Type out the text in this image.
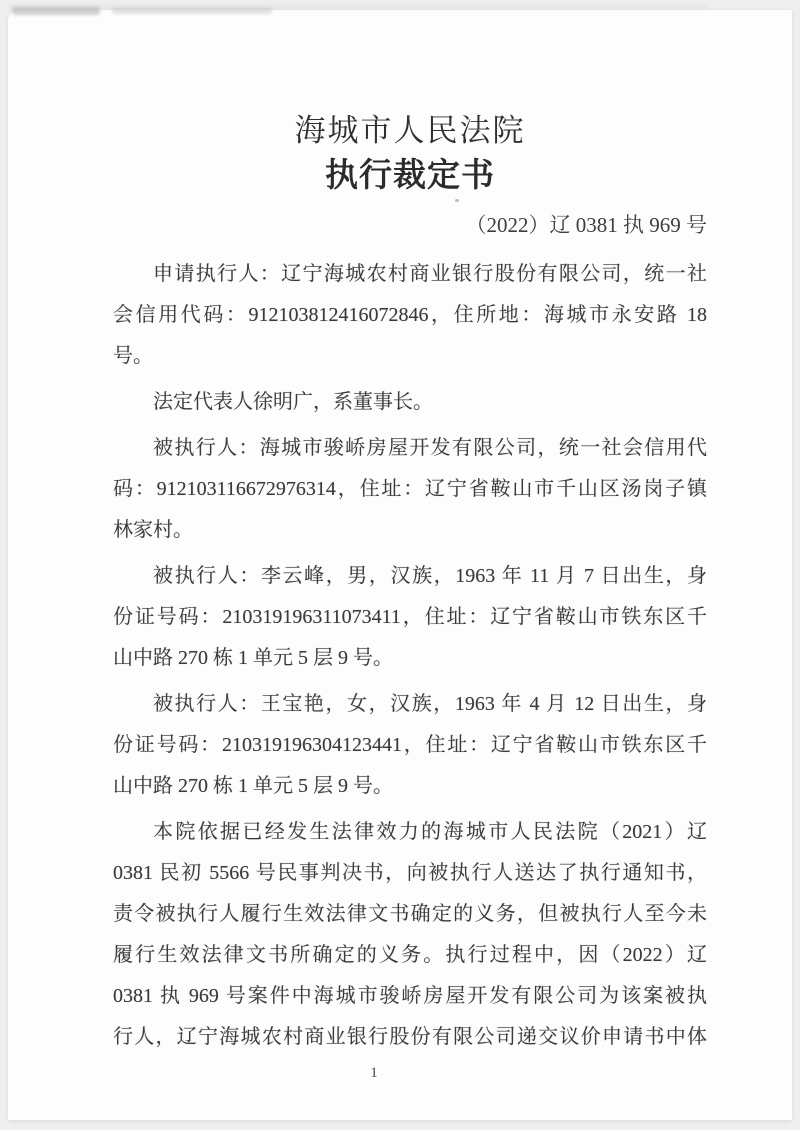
海城市人民法院
执行裁定书
（2022）辽 0381 执 969 号
申请执行人：辽宁海城农村商业银行股份有限公司，统一社
会信用代码：912103812416072846，住所地：海城市永安路 18
号。
法定代表人徐明广，系董事长。
被执行人：海城市骏峤房屋开发有限公司，统一社会信用代
码：912103116672976314，住址：辽宁省鞍山市千山区汤岗子镇
林家村。
被执行人：李云峰，男，汉族，1963 年 11 月 7 日出生，身
份证号码：210319196311073411，住址：辽宁省鞍山市铁东区千
山中路 270 栋 1 单元 5 层 9 号。
被执行人：王宝艳，女，汉族，1963 年 4 月 12 日出生，身
份证号码：210319196304123441，住址：辽宁省鞍山市铁东区千
山中路 270 栋 1 单元 5 层 9 号。
本院依据已经发生法律效力的海城市人民法院（2021）辽
0381 民初 5566 号民事判决书，向被执行人送达了执行通知书，
责令被执行人履行生效法律文书确定的义务，但被执行人至今未
履行生效法律文书所确定的义务。执行过程中，因（2022）辽
0381 执 969 号案件中海城市骏峤房屋开发有限公司为该案被执
行人，辽宁海城农村商业银行股份有限公司递交议价申请书中体
1
